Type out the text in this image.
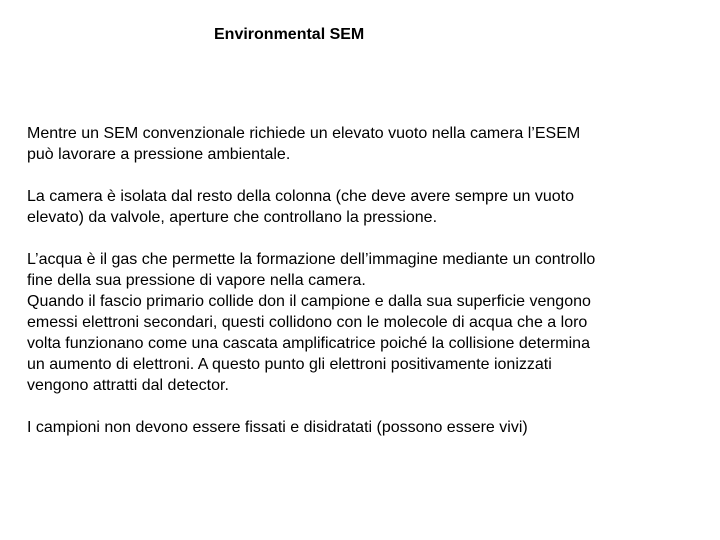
Environmental SEM

Mentre un SEM convenzionale richiede un elevato vuoto nella camera l’ESEM
può lavorare a pressione ambientale.

La camera è isolata dal resto della colonna (che deve avere sempre un vuoto
elevato) da valvole, aperture che controllano la pressione.

L’acqua è il gas che permette la formazione dell’immagine mediante un controllo
fine della sua pressione di vapore nella camera.

Quando il fascio primario collide don il campione e dalla sua superficie vengono
emessi elettroni secondari, questi collidono con le molecole di acqua che a loro
volta funzionano come una cascata amplificatrice poiché la collisione determina
un aumento di elettroni. A questo punto gli elettroni positivamente ionizzati
vengono attratti dal detector.

I campioni non devono essere fissati e disidratati (possono essere vivi)
